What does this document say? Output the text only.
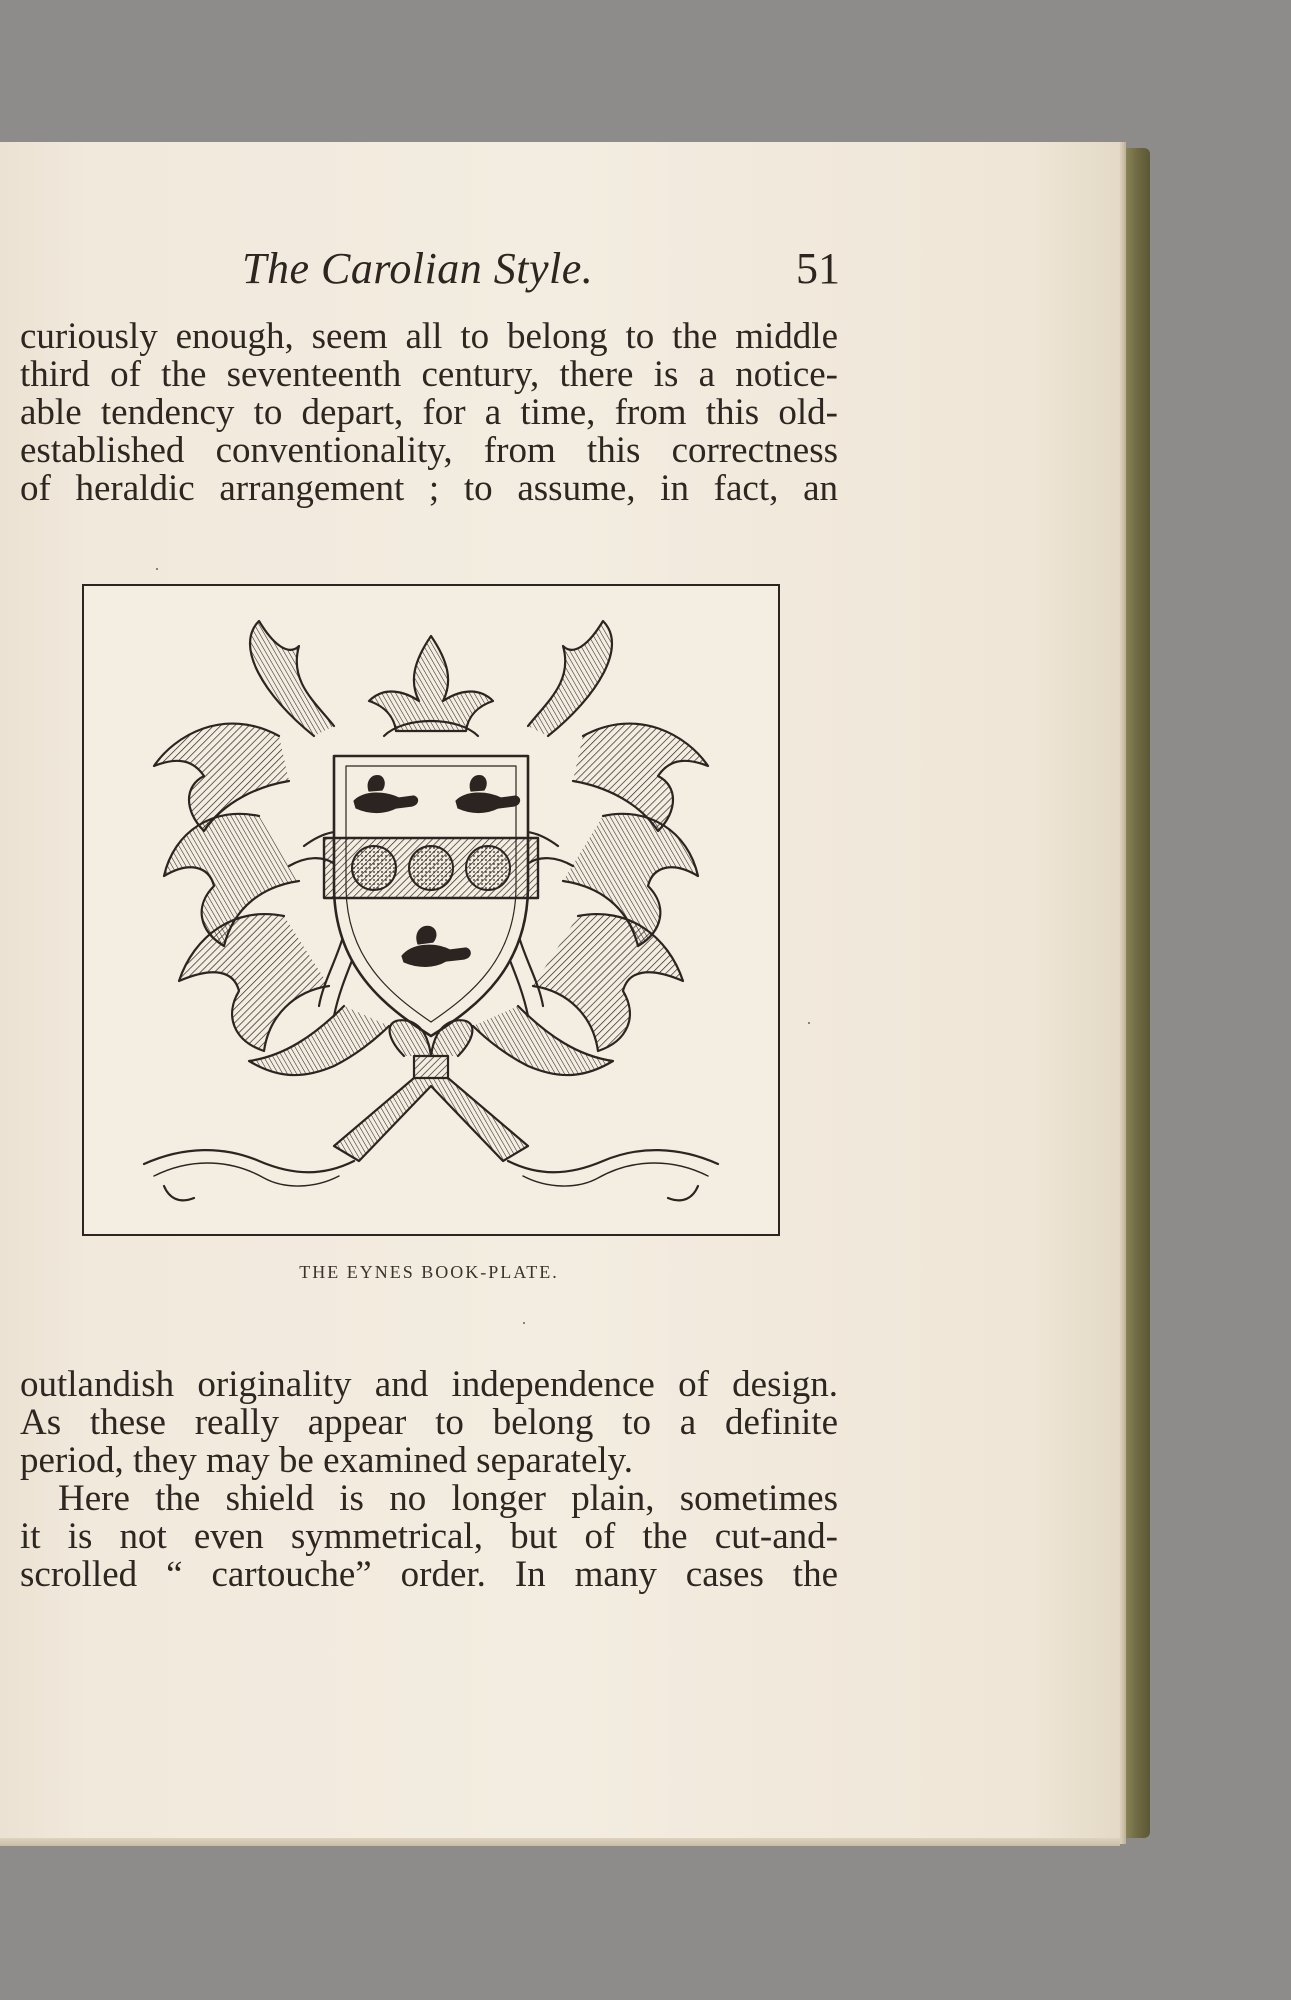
The Carolian Style.	51
curiously enough, seem all to belong to the middle
third of the seventeenth century, there is a notice-
able tendency to depart, for a time, from this old-
established conventionality, from this correctness
of heraldic arrangement ; to assume, in fact, an
THE EYNES BOOK-PLATE.
outlandish originality and independence of design.
As these really appear to belong to a definite
period, they may be examined separately.
Here the shield is no longer plain, sometimes
it is not even symmetrical, but of the cut-and-
scrolled “ cartouche” order. In many cases the
